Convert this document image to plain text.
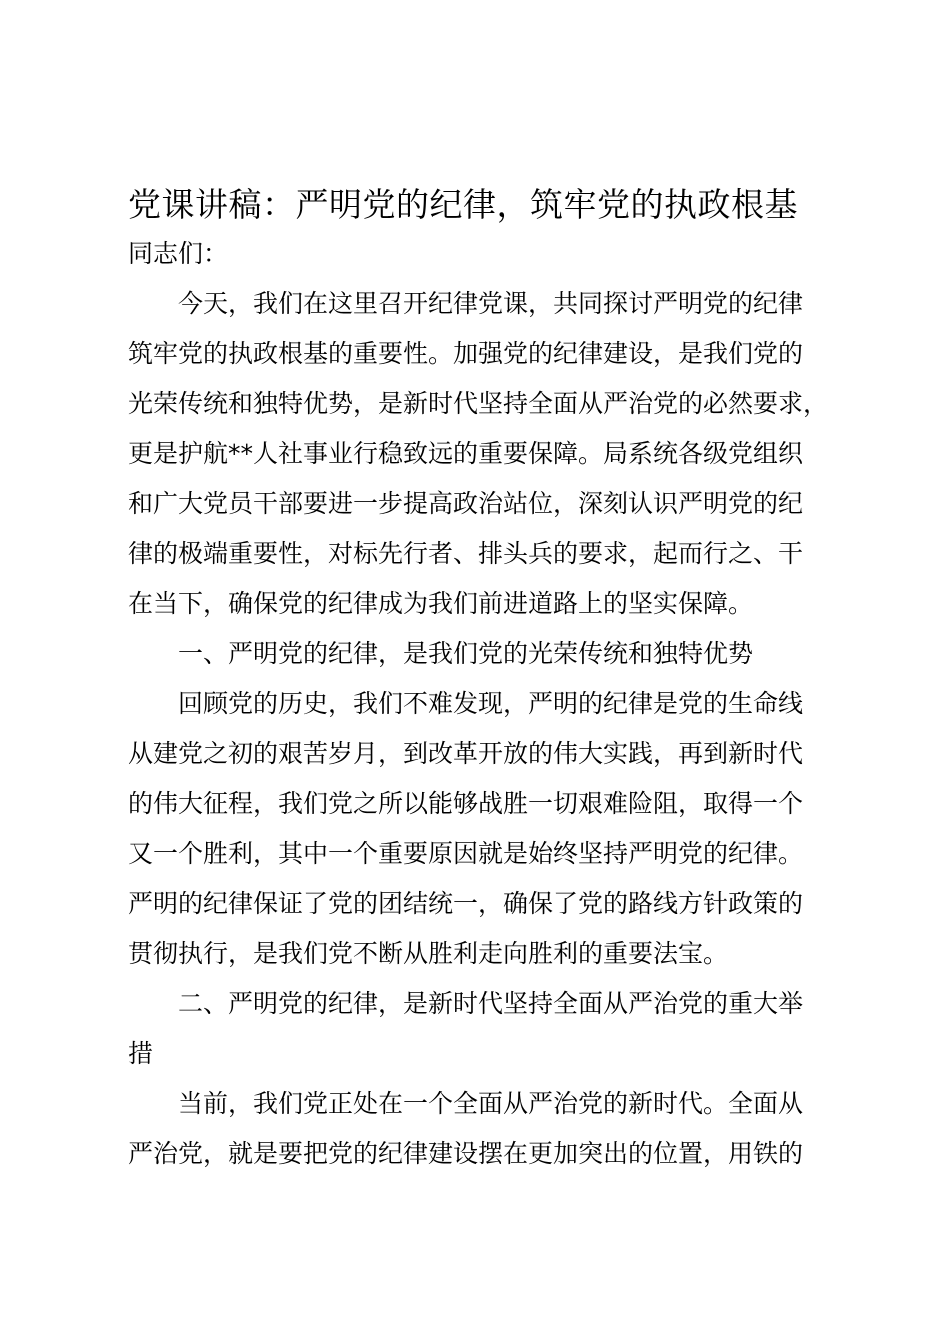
党课讲稿：严明党的纪律，筑牢党的执政根基
同志们：
今天，我们在这里召开纪律党课，共同探讨严明党的纪律
筑牢党的执政根基的重要性。加强党的纪律建设，是我们党的
光荣传统和独特优势，是新时代坚持全面从严治党的必然要求，
更是护航**人社事业行稳致远的重要保障。局系统各级党组织
和广大党员干部要进一步提高政治站位，深刻认识严明党的纪
律的极端重要性，对标先行者、排头兵的要求，起而行之、干
在当下，确保党的纪律成为我们前进道路上的坚实保障。
一、严明党的纪律，是我们党的光荣传统和独特优势
回顾党的历史，我们不难发现，严明的纪律是党的生命线
从建党之初的艰苦岁月，到改革开放的伟大实践，再到新时代
的伟大征程，我们党之所以能够战胜一切艰难险阻，取得一个
又一个胜利，其中一个重要原因就是始终坚持严明党的纪律。
严明的纪律保证了党的团结统一，确保了党的路线方针政策的
贯彻执行，是我们党不断从胜利走向胜利的重要法宝。
二、严明党的纪律，是新时代坚持全面从严治党的重大举
措
当前，我们党正处在一个全面从严治党的新时代。全面从
严治党，就是要把党的纪律建设摆在更加突出的位置，用铁的
